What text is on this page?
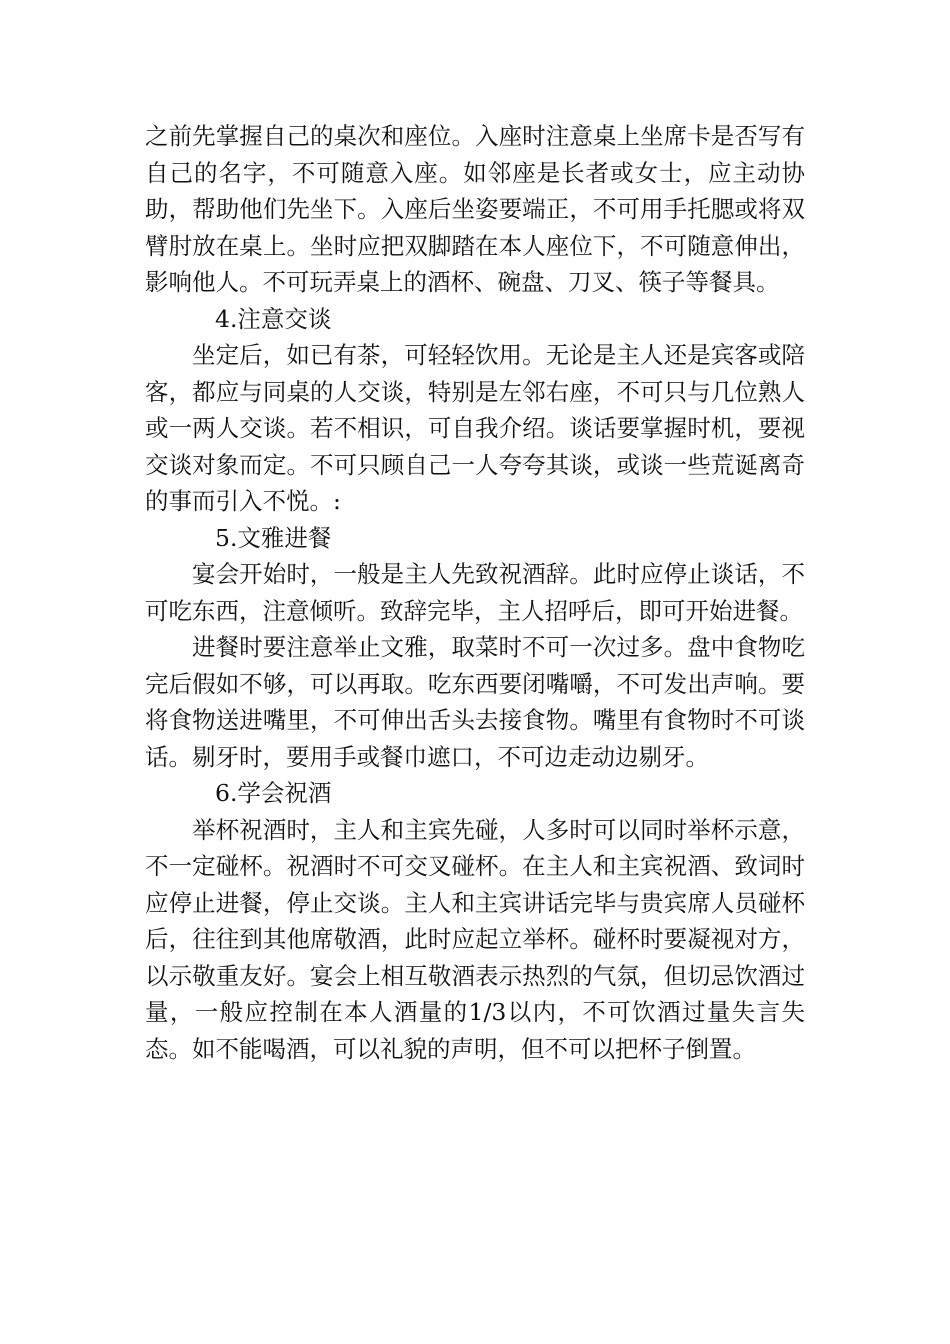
之前先掌握自己的桌次和座位。入座时注意桌上坐席卡是否写有自己的名字，不可随意入座。如邻座是长者或女士，应主动协助，帮助他们先坐下。入座后坐姿要端正，不可用手托腮或将双臂肘放在桌上。坐时应把双脚踏在本人座位下，不可随意伸出，影响他人。不可玩弄桌上的酒杯、碗盘、刀叉、筷子等餐具。

4.注意交谈

坐定后，如已有茶，可轻轻饮用。无论是主人还是宾客或陪客，都应与同桌的人交谈，特别是左邻右座，不可只与几位熟人或一两人交谈。若不相识，可自我介绍。谈话要掌握时机，要视交谈对象而定。不可只顾自己一人夸夸其谈，或谈一些荒诞离奇的事而引入不悦。:

5.文雅进餐

宴会开始时，一般是主人先致祝酒辞。此时应停止谈话，不可吃东西，注意倾听。致辞完毕，主人招呼后，即可开始进餐。

进餐时要注意举止文雅，取菜时不可一次过多。盘中食物吃完后假如不够，可以再取。吃东西要闭嘴嚼，不可发出声响。要将食物送进嘴里，不可伸出舌头去接食物。嘴里有食物时不可谈话。剔牙时，要用手或餐巾遮口，不可边走动边剔牙。

6.学会祝酒

举杯祝酒时，主人和主宾先碰，人多时可以同时举杯示意，不一定碰杯。祝酒时不可交叉碰杯。在主人和主宾祝酒、致词时应停止进餐，停止交谈。主人和主宾讲话完毕与贵宾席人员碰杯后，往往到其他席敬酒，此时应起立举杯。碰杯时要凝视对方，以示敬重友好。宴会上相互敬酒表示热烈的气氛，但切忌饮酒过量，一般应控制在本人酒量的1/3以内，不可饮酒过量失言失态。如不能喝酒，可以礼貌的声明，但不可以把杯子倒置。
